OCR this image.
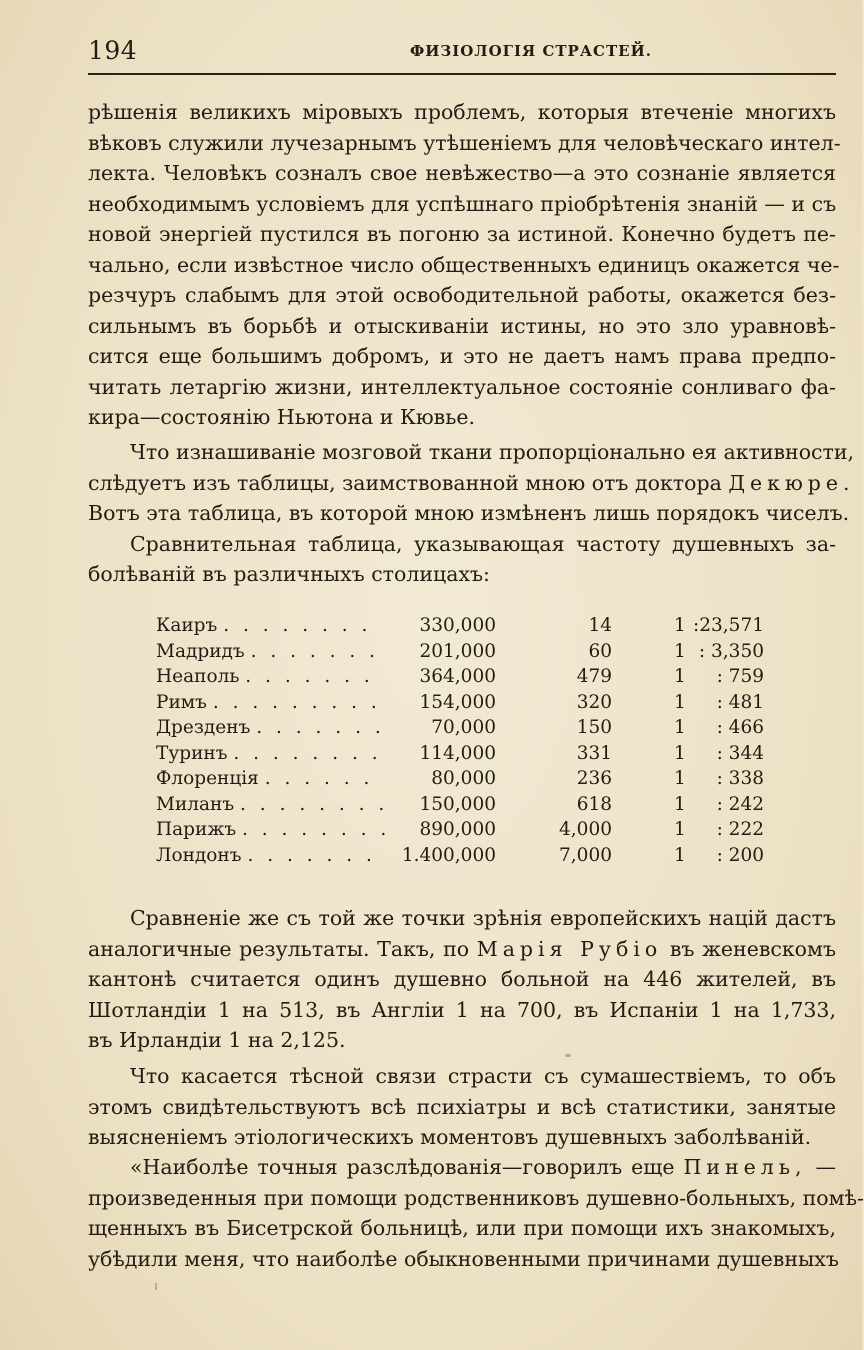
194	ФИЗІОЛОГІЯ СТРАСТЕЙ.
рѣшенія великихъ міровыхъ проблемъ, которыя втеченіе многихъ
вѣковъ служили лучезарнымъ утѣшеніемъ для человѣческаго интел-
лекта. Человѣкъ созналъ свое невѣжество—а это сознаніе является
необходимымъ условіемъ для успѣшнаго пріобрѣтенія знаній — и съ
новой энергіей пустился въ погоню за истиной. Конечно будетъ пе-
чально, если извѣстное число общественныхъ единицъ окажется че-
резчуръ слабымъ для этой освободительной работы, окажется без-
сильнымъ въ борьбѣ и отыскиваніи истины, но это зло уравновѣ-
сится еще большимъ добромъ, и это не даетъ намъ права предпо-
читать летаргію жизни, интеллектуальное состояніе сонливаго фа-
кира—состоянію Ньютона и Кювье.
Что изнашиваніе мозговой ткани пропорціонально ея активности,
слѣдуетъ изъ таблицы, заимствованной мною отъ доктора Декюре.
Вотъ эта таблица, въ которой мною измѣненъ лишь порядокъ чиселъ.
Сравнительная таблица, указывающая частоту душевныхъ за-
болѣваній въ различныхъ столицахъ:
Каиръ . . . . . . . .	330,000	14	1 :23,571
Мадридъ . . . . . . .	201,000	60	1 : 3,350
Неаполь . . . . . . .	364,000	479	1	: 759
Римъ . . . . . . . . .	154,000	320	1	: 481
Дрезденъ . . . . . . .	70,000	150	1	: 466
Туринъ . . . . . . . .	114,000	331	1	: 344
Флоренція . . . . . .	80,000	236	1	: 338
Миланъ . . . . . . . .	150,000	618	1	: 242
Парижъ . . . . . . . .	890,000	4,000	1	: 222
Лондонъ . . . . . . .	1.400,000	7,000	1	: 200
Сравненіе же съ той же точки зрѣнія европейскихъ націй дастъ
аналогичные результаты. Такъ, по Марія Рубіо въ женевскомъ
кантонѣ считается одинъ душевно больной на 446 жителей, въ
Шотландіи 1 на 513, въ Англіи 1 на 700, въ Испаніи 1 на 1,733,
въ Ирландіи 1 на 2,125.
Что касается тѣсной связи страсти съ сумашествіемъ, то объ
этомъ свидѣтельствуютъ всѣ психіатры и всѣ статистики, занятые
выясненіемъ этіологическихъ моментовъ душевныхъ заболѣваній.
«Наиболѣе точныя разслѣдованія—говорилъ еще Пинель, —
произведенныя при помощи родственниковъ душевно-больныхъ, помѣ-
щенныхъ въ Бисетрской больницѣ, или при помощи ихъ знакомыхъ,
убѣдили меня, что наиболѣе обыкновенными причинами душевныхъ
